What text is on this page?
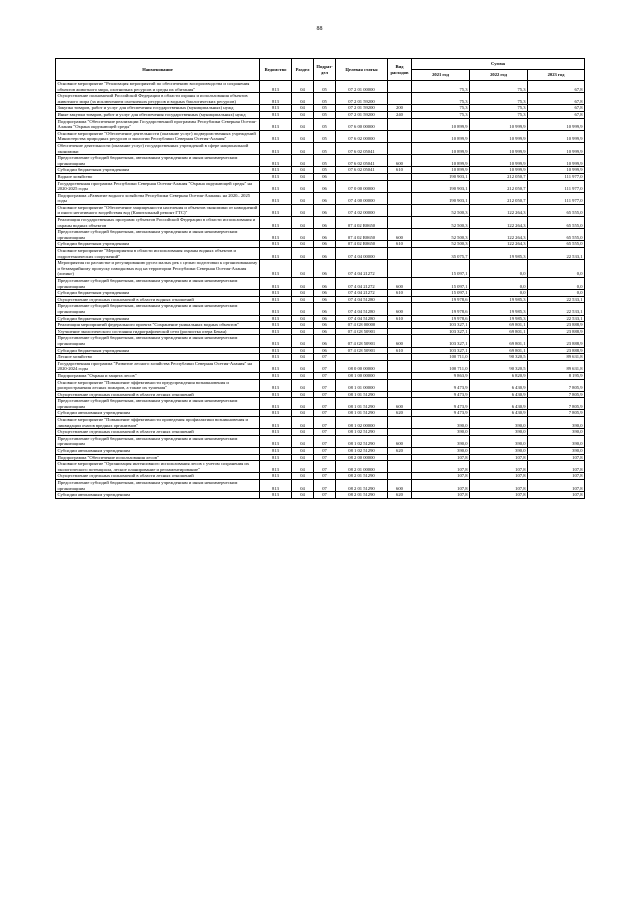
88
Наименование	Ведомство	Раздел	Подраз-дел	Целевая статья	Вид расходов	Сумма		
						2021 год	2022 год	2023 год
Основное мероприятие "Реализация мероприятий по обеспечению воспроизводства и сохранения объектов животного мира, охотничьих ресурсов и среды их обитания"	813	04	05	07 2 01 00000		75,3	75,3	67,8
Осуществление полномочий Российской Федерации в области охраны и использования объектов животного мира (за исключением охотничьих ресурсов и водных биологических ресурсов)	813	04	05	07 2 01 59200		75,3	75,3	67,8
Закупка товаров, работ и услуг для обеспечения государственных (муниципальных) нужд	813	04	05	07 2 01 59200	200	75,3	75,3	67,8
Иные закупки товаров, работ и услуг для обеспечения государственных (муниципальных) нужд	813	04	05	07 2 01 59200	240	75,3	75,3	67,8
Подпрограмма "Обеспечение реализации Государственной программы Республики Северная Осетия-Алания "Охрана окружающей среды"	813	04	05	07 6 00 00000		10 899,9	10 999,9	10 999,9
Основное мероприятие "Обеспечение деятельности (оказание услуг) подведомственных учреждений Министерства природных ресурсов и экологии Республики Северная Осетия-Алания"	813	04	05	07 6 02 00000		10 899,9	10 999,9	10 999,9
Обеспечение деятельности (оказание услуг) государственных учреждений в сфере национальной экономики	813	04	05	07 6 02 05041		10 899,9	10 999,9	10 999,9
Предоставление субсидий бюджетным, автономным учреждениям и иным некоммерческим организациям	813	04	05	07 6 02 05041	600	10 899,9	10 999,9	10 999,9
Субсидии бюджетным учреждениям	813	04	05	07 6 02 05041	610	10 899,9	10 999,9	10 999,9
Водное хозяйство	813	04	06			190 903,1	212 050,7	111 977,0
Государственная программа Республики Северная Осетия-Алания "Охрана окружающей среды" на 2020-2025 годы	813	04	06	07 0 00 00000		190 903,1	212 050,7	111 977,0
Подпрограмма «Развитие водного хозяйства Республики Северная Осетия-Алания» на 2020– 2025 годы	813	04	06	07 4 00 00000		190 903,1	212 050,7	111 977,0
Основное мероприятие "Обеспечение защищенности населения и объектов экономики от наводнений и иного негативного воздействия вод (Капитальный ремонт ГТС)"	813	04	06	07 4 02 00000		52 500,3	122 264,3	65 555,0
Реализация государственных программ субъектов Российской Федерации в области использования и охраны водных объектов	813	04	06	07 4 02 R0650		52 500,3	122 264,3	65 555,0
Предоставление субсидий бюджетным, автономным учреждениям и иным некоммерческим организациям	813	04	06	07 4 02 R0650	600	52 500,3	122 264,3	65 555,0
Субсидии бюджетным учреждениям	813	04	06	07 4 02 R0650	610	52 500,3	122 264,3	65 555,0
Основное мероприятие "Мероприятия в области использования охраны водных объектов и гидротехнических сооружений"	813	04	06	07 4 04 00000		35 075,7	19 985,3	22 533,1
Мероприятия по расчистке и регулированию русел малых рек с целью подготовки к организованному и безаварийному пропуску паводковых вод на территории Республики Северная Осетия-Алания (лизинг)	813	04	06	07 4 04 21272		15 097,1	0,0	0,0
Предоставление субсидий бюджетным, автономным учреждениям и иным некоммерческим организациям	813	04	06	07 4 04 21272	600	15 097,1	0,0	0,0
Субсидии бюджетным учреждениям	813	04	06	07 4 04 21272	610	15 097,1	0,0	0,0
Осуществление отдельных полномочий в области водных отношений	813	04	06	07 4 04 51280		19 978,6	19 985,3	22 533,1
Предоставление субсидий бюджетным, автономным учреждениям и иным некоммерческим организациям	813	04	06	07 4 04 51280	600	19 978,6	19 985,3	22 533,1
Субсидии бюджетным учреждениям	813	04	06	07 4 04 51280	610	19 978,6	19 985,3	22 533,1
Реализация мероприятий федерального проекта "Сохранение уникальных водных объектов"	813	04	06	07 4 G8 00000		103 327,1	69 801,1	23 888,9
Улучшение экологического состояния гидрографической сети (расчистка озера Бекан)	813	04	06	07 4 G8 50901		103 327,1	69 801,1	23 888,9
Предоставление субсидий бюджетным, автономным учреждениям и иным некоммерческим организациям	813	04	06	07 4 G8 50901	600	103 327,1	69 801,1	23 888,9
Субсидии бюджетным учреждениям	813	04	06	07 4 G8 50901	610	103 327,1	69 801,1	23 888,9
Лесное хозяйство	813	04	07			100 711,0	90 320,5	89 631,8
Государственная программа "Развитие лесного хозяйства Республики Северная Осетия-Алания" на 2020-2024 годы	813	04	07	08 0 00 00000		100 711,0	90 320,5	89 631,8
Подпрограмма "Охрана и защита лесов"	813	04	07	08 1 00 00000		9 863,9	6 820,9	8 195,9
Основное мероприятие "Повышение эффективности предупреждения возникновения и распространения лесных пожаров, а также их тушения"	813	04	07	08 1 01 00000		9 473,9	6 430,9	7 805,9
Осуществление отдельных полномочий в области лесных отношений	813	04	07	08 1 01 51290		9 473,9	6 430,9	7 805,9
Предоставление субсидий бюджетным, автономным учреждениям и иным некоммерческим организациям	813	04	07	08 1 01 51290	600	9 473,9	6 430,9	7 805,9
Субсидии автономным учреждениям	813	04	07	08 1 01 51290	620	9 473,9	6 430,9	7 805,9
Основное мероприятие "Повышение эффективности проведения профилактики возникновения и ликвидации очагов вредных организмов"	813	04	07	08 1 02 00000		390,0	390,0	390,0
Осуществление отдельных полномочий в области лесных отношений	813	04	07	08 1 02 51290		390,0	390,0	390,0
Предоставление субсидий бюджетным, автономным учреждениям и иным некоммерческим организациям	813	04	07	08 1 02 51290	600	390,0	390,0	390,0
Субсидии автономным учреждениям	813	04	07	08 1 02 51290	620	390,0	390,0	390,0
Подпрограмма "Обеспечение использования лесов"	813	04	07	08 2 00 00000		107,8	107,8	107,8
Основное мероприятие "Организация интенсивного использования лесов с учетом сохранения их экологического потенциала, лесное планирование и регламентирование"	813	04	07	08 2 01 00000		107,8	107,8	107,8
Осуществление отдельных полномочий в области лесных отношений	813	04	07	08 2 01 51290		107,8	107,8	107,8
Предоставление субсидий бюджетным, автономным учреждениям и иным некоммерческим организациям	813	04	07	08 2 01 51290	600	107,8	107,8	107,8
Субсидии автономным учреждениям	813	04	07	08 2 01 51290	620	107,8	107,8	107,8
